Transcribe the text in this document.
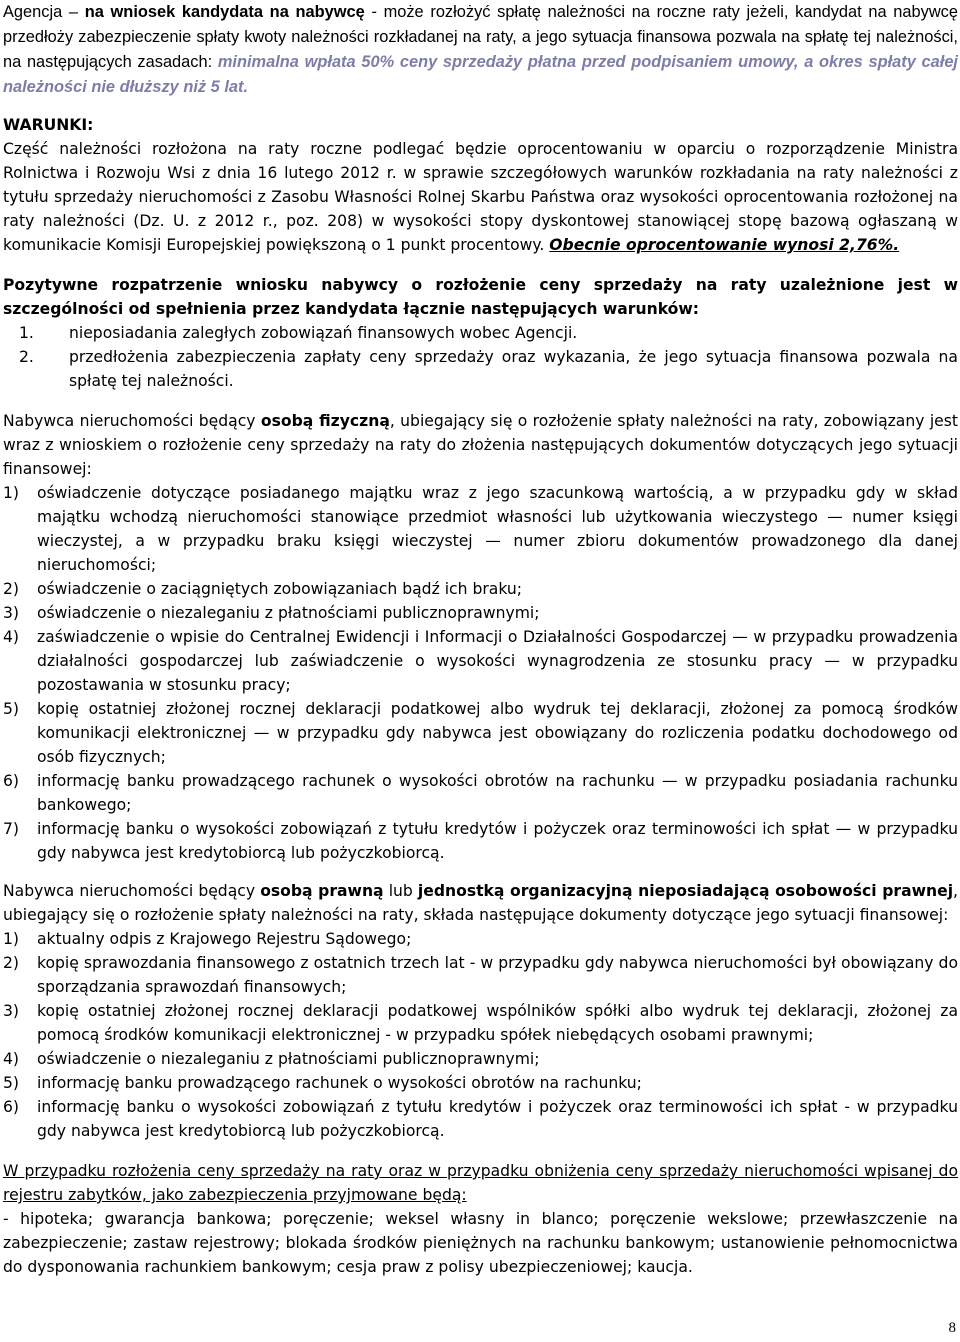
Agencja – na wniosek kandydata na nabywcę - może rozłożyć spłatę należności na roczne raty jeżeli, kandydat na nabywcę przedłoży zabezpieczenie spłaty kwoty należności rozkładanej na raty, a jego sytuacja finansowa pozwala na spłatę tej należności, na następujących zasadach: minimalna wpłata 50% ceny sprzedaży płatna przed podpisaniem umowy, a okres spłaty całej należności nie dłuższy niż 5 lat.

WARUNKI:

Część należności rozłożona na raty roczne podlegać będzie oprocentowaniu w oparciu o rozporządzenie Ministra Rolnictwa i Rozwoju Wsi z dnia 16 lutego 2012 r. w sprawie szczegółowych warunków rozkładania na raty należności z tytułu sprzedaży nieruchomości z Zasobu Własności Rolnej Skarbu Państwa oraz wysokości oprocentowania rozłożonej na raty należności (Dz. U. z 2012 r., poz. 208) w wysokości stopy dyskontowej stanowiącej stopę bazową ogłaszaną w komunikacie Komisji Europejskiej powiększoną o 1 punkt procentowy. Obecnie oprocentowanie wynosi 2,76%.

Pozytywne rozpatrzenie wniosku nabywcy o rozłożenie ceny sprzedaży na raty uzależnione jest w szczególności od spełnienia przez kandydata łącznie następujących warunków:

1.	nieposiadania zaległych zobowiązań finansowych wobec Agencji.
2.	przedłożenia zabezpieczenia zapłaty ceny sprzedaży oraz wykazania, że jego sytuacja finansowa pozwala na spłatę tej należności.

Nabywca nieruchomości będący osobą fizyczną, ubiegający się o rozłożenie spłaty należności na raty, zobowiązany jest wraz z wnioskiem o rozłożenie ceny sprzedaży na raty do złożenia następujących dokumentów dotyczących jego sytuacji finansowej:

1)	oświadczenie dotyczące posiadanego majątku wraz z jego szacunkową wartością, a w przypadku gdy w skład majątku wchodzą nieruchomości stanowiące przedmiot własności lub użytkowania wieczystego — numer księgi wieczystej, a w przypadku braku księgi wieczystej — numer zbioru dokumentów prowadzonego dla danej nieruchomości;
2)	oświadczenie o zaciągniętych zobowiązaniach bądź ich braku;
3)	oświadczenie o niezaleganiu z płatnościami publicznoprawnymi;
4)	zaświadczenie o wpisie do Centralnej Ewidencji i Informacji o Działalności Gospodarczej — w przypadku prowadzenia działalności gospodarczej lub zaświadczenie o wysokości wynagrodzenia ze stosunku pracy — w przypadku pozostawania w stosunku pracy;
5)	kopię ostatniej złożonej rocznej deklaracji podatkowej albo wydruk tej deklaracji, złożonej za pomocą środków komunikacji elektronicznej — w przypadku gdy nabywca jest obowiązany do rozliczenia podatku dochodowego od osób fizycznych;
6)	informację banku prowadzącego rachunek o wysokości obrotów na rachunku — w przypadku posiadania rachunku bankowego;
7)	informację banku o wysokości zobowiązań z tytułu kredytów i pożyczek oraz terminowości ich spłat — w przypadku gdy nabywca jest kredytobiorcą lub pożyczkobiorcą.

Nabywca nieruchomości będący osobą prawną lub jednostką organizacyjną nieposiadającą osobowości prawnej, ubiegający się o rozłożenie spłaty należności na raty, składa następujące dokumenty dotyczące jego sytuacji finansowej:

1)	aktualny odpis z Krajowego Rejestru Sądowego;
2)	kopię sprawozdania finansowego z ostatnich trzech lat - w przypadku gdy nabywca nieruchomości był obowiązany do sporządzania sprawozdań finansowych;
3)	kopię ostatniej złożonej rocznej deklaracji podatkowej wspólników spółki albo wydruk tej deklaracji, złożonej za pomocą środków komunikacji elektronicznej - w przypadku spółek niebędących osobami prawnymi;
4)	oświadczenie o niezaleganiu z płatnościami publicznoprawnymi;
5)	informację banku prowadzącego rachunek o wysokości obrotów na rachunku;
6)	informację banku o wysokości zobowiązań z tytułu kredytów i pożyczek oraz terminowości ich spłat - w przypadku gdy nabywca jest kredytobiorcą lub pożyczkobiorcą.

W przypadku rozłożenia ceny sprzedaży na raty oraz w przypadku obniżenia ceny sprzedaży nieruchomości wpisanej do rejestru zabytków, jako zabezpieczenia przyjmowane będą:

- hipoteka; gwarancja bankowa; poręczenie; weksel własny in blanco; poręczenie wekslowe; przewłaszczenie na zabezpieczenie; zastaw rejestrowy; blokada środków pieniężnych na rachunku bankowym; ustanowienie pełnomocnictwa do dysponowania rachunkiem bankowym; cesja praw z polisy ubezpieczeniowej; kaucja.

8
